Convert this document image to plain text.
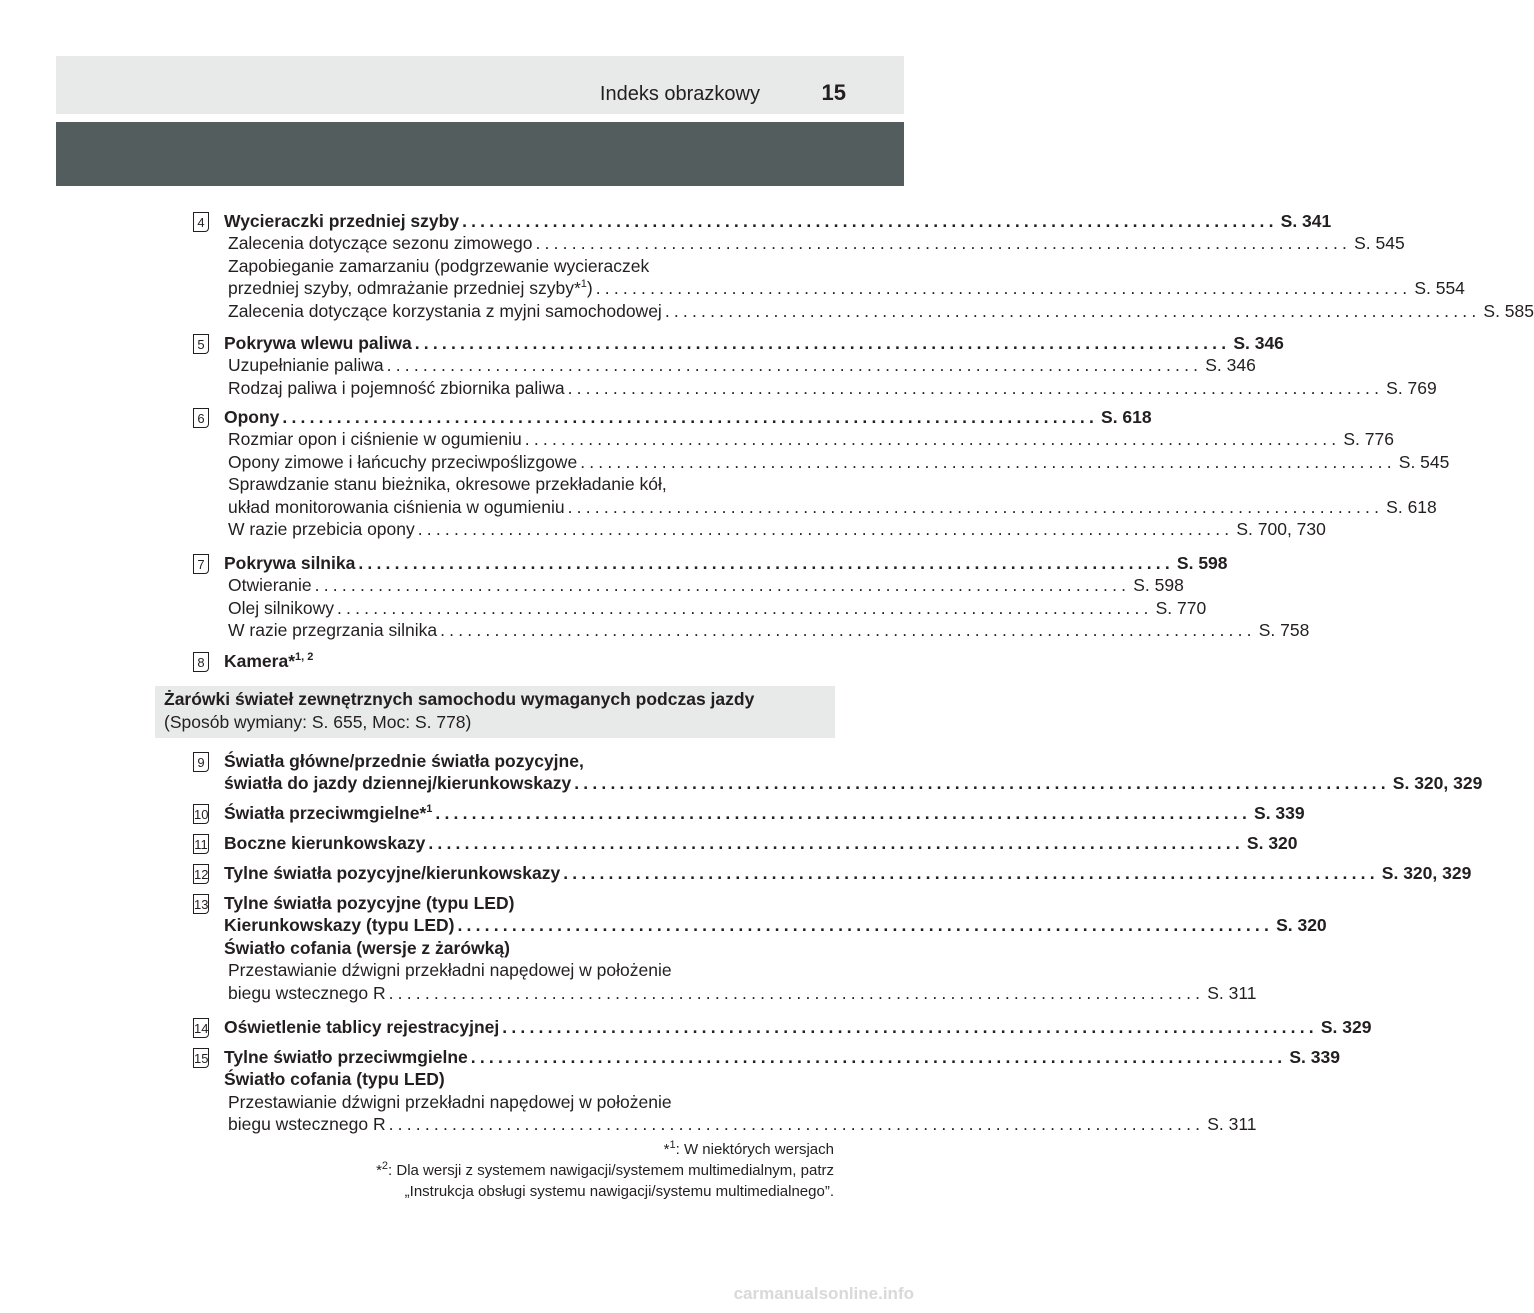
Indeks obrazkowy	15
4 Wycieraczki przedniej szyby .......................................................................................... S. 341
Zalecenia dotyczące sezonu zimowego .......................................................................................... S. 545
Zapobieganie zamarzaniu (podgrzewanie wycieraczek
przedniej szyby, odmrażanie przedniej szyby*$^1$) .......................................................................................... S. 554
Zalecenia dotyczące korzystania z myjni samochodowej .......................................................................................... S. 585
5 Pokrywa wlewu paliwa .......................................................................................... S. 346
Uzupełnianie paliwa .......................................................................................... S. 346
Rodzaj paliwa i pojemność zbiornika paliwa .......................................................................................... S. 769
6 Opony .......................................................................................... S. 618
Rozmiar opon i ciśnienie w ogumieniu .......................................................................................... S. 776
Opony zimowe i łańcuchy przeciwpoślizgowe .......................................................................................... S. 545
Sprawdzanie stanu bieżnika, okresowe przekładanie kół,
układ monitorowania ciśnienia w ogumieniu .......................................................................................... S. 618
W razie przebicia opony .......................................................................................... S. 700, 730
7 Pokrywa silnika .......................................................................................... S. 598
Otwieranie .......................................................................................... S. 598
Olej silnikowy .......................................................................................... S. 770
W razie przegrzania silnika .......................................................................................... S. 758
8 Kamera*$^{1, 2}$
9 Światła główne/przednie światła pozycyjne,
światła do jazdy dziennej/kierunkowskazy .......................................................................................... S. 320, 329
10 Światła przeciwmgielne*$^1$ .......................................................................................... S. 339
11 Boczne kierunkowskazy .......................................................................................... S. 320
12 Tylne światła pozycyjne/kierunkowskazy .......................................................................................... S. 320, 329
13 Tylne światła pozycyjne (typu LED)
Kierunkowskazy (typu LED) .......................................................................................... S. 320
Światło cofania (wersje z żarówką)
Przestawianie dźwigni przekładni napędowej w położenie
biegu wstecznego R .......................................................................................... S. 311
14 Oświetlenie tablicy rejestracyjnej .......................................................................................... S. 329
15 Tylne światło przeciwmgielne .......................................................................................... S. 339
Światło cofania (typu LED)
Przestawianie dźwigni przekładni napędowej w położenie
biegu wstecznego R .......................................................................................... S. 311
Żarówki świateł zewnętrznych samochodu wymaganych podczas jazdy
(Sposób wymiany: S. 655, Moc: S. 778)
*$^1$: W niektórych wersjach
*$^2$: Dla wersji z systemem nawigacji/systemem multimedialnym, patrz
„Instrukcja obsługi systemu nawigacji/systemu multimedialnego”.
carmanualsonline.info
